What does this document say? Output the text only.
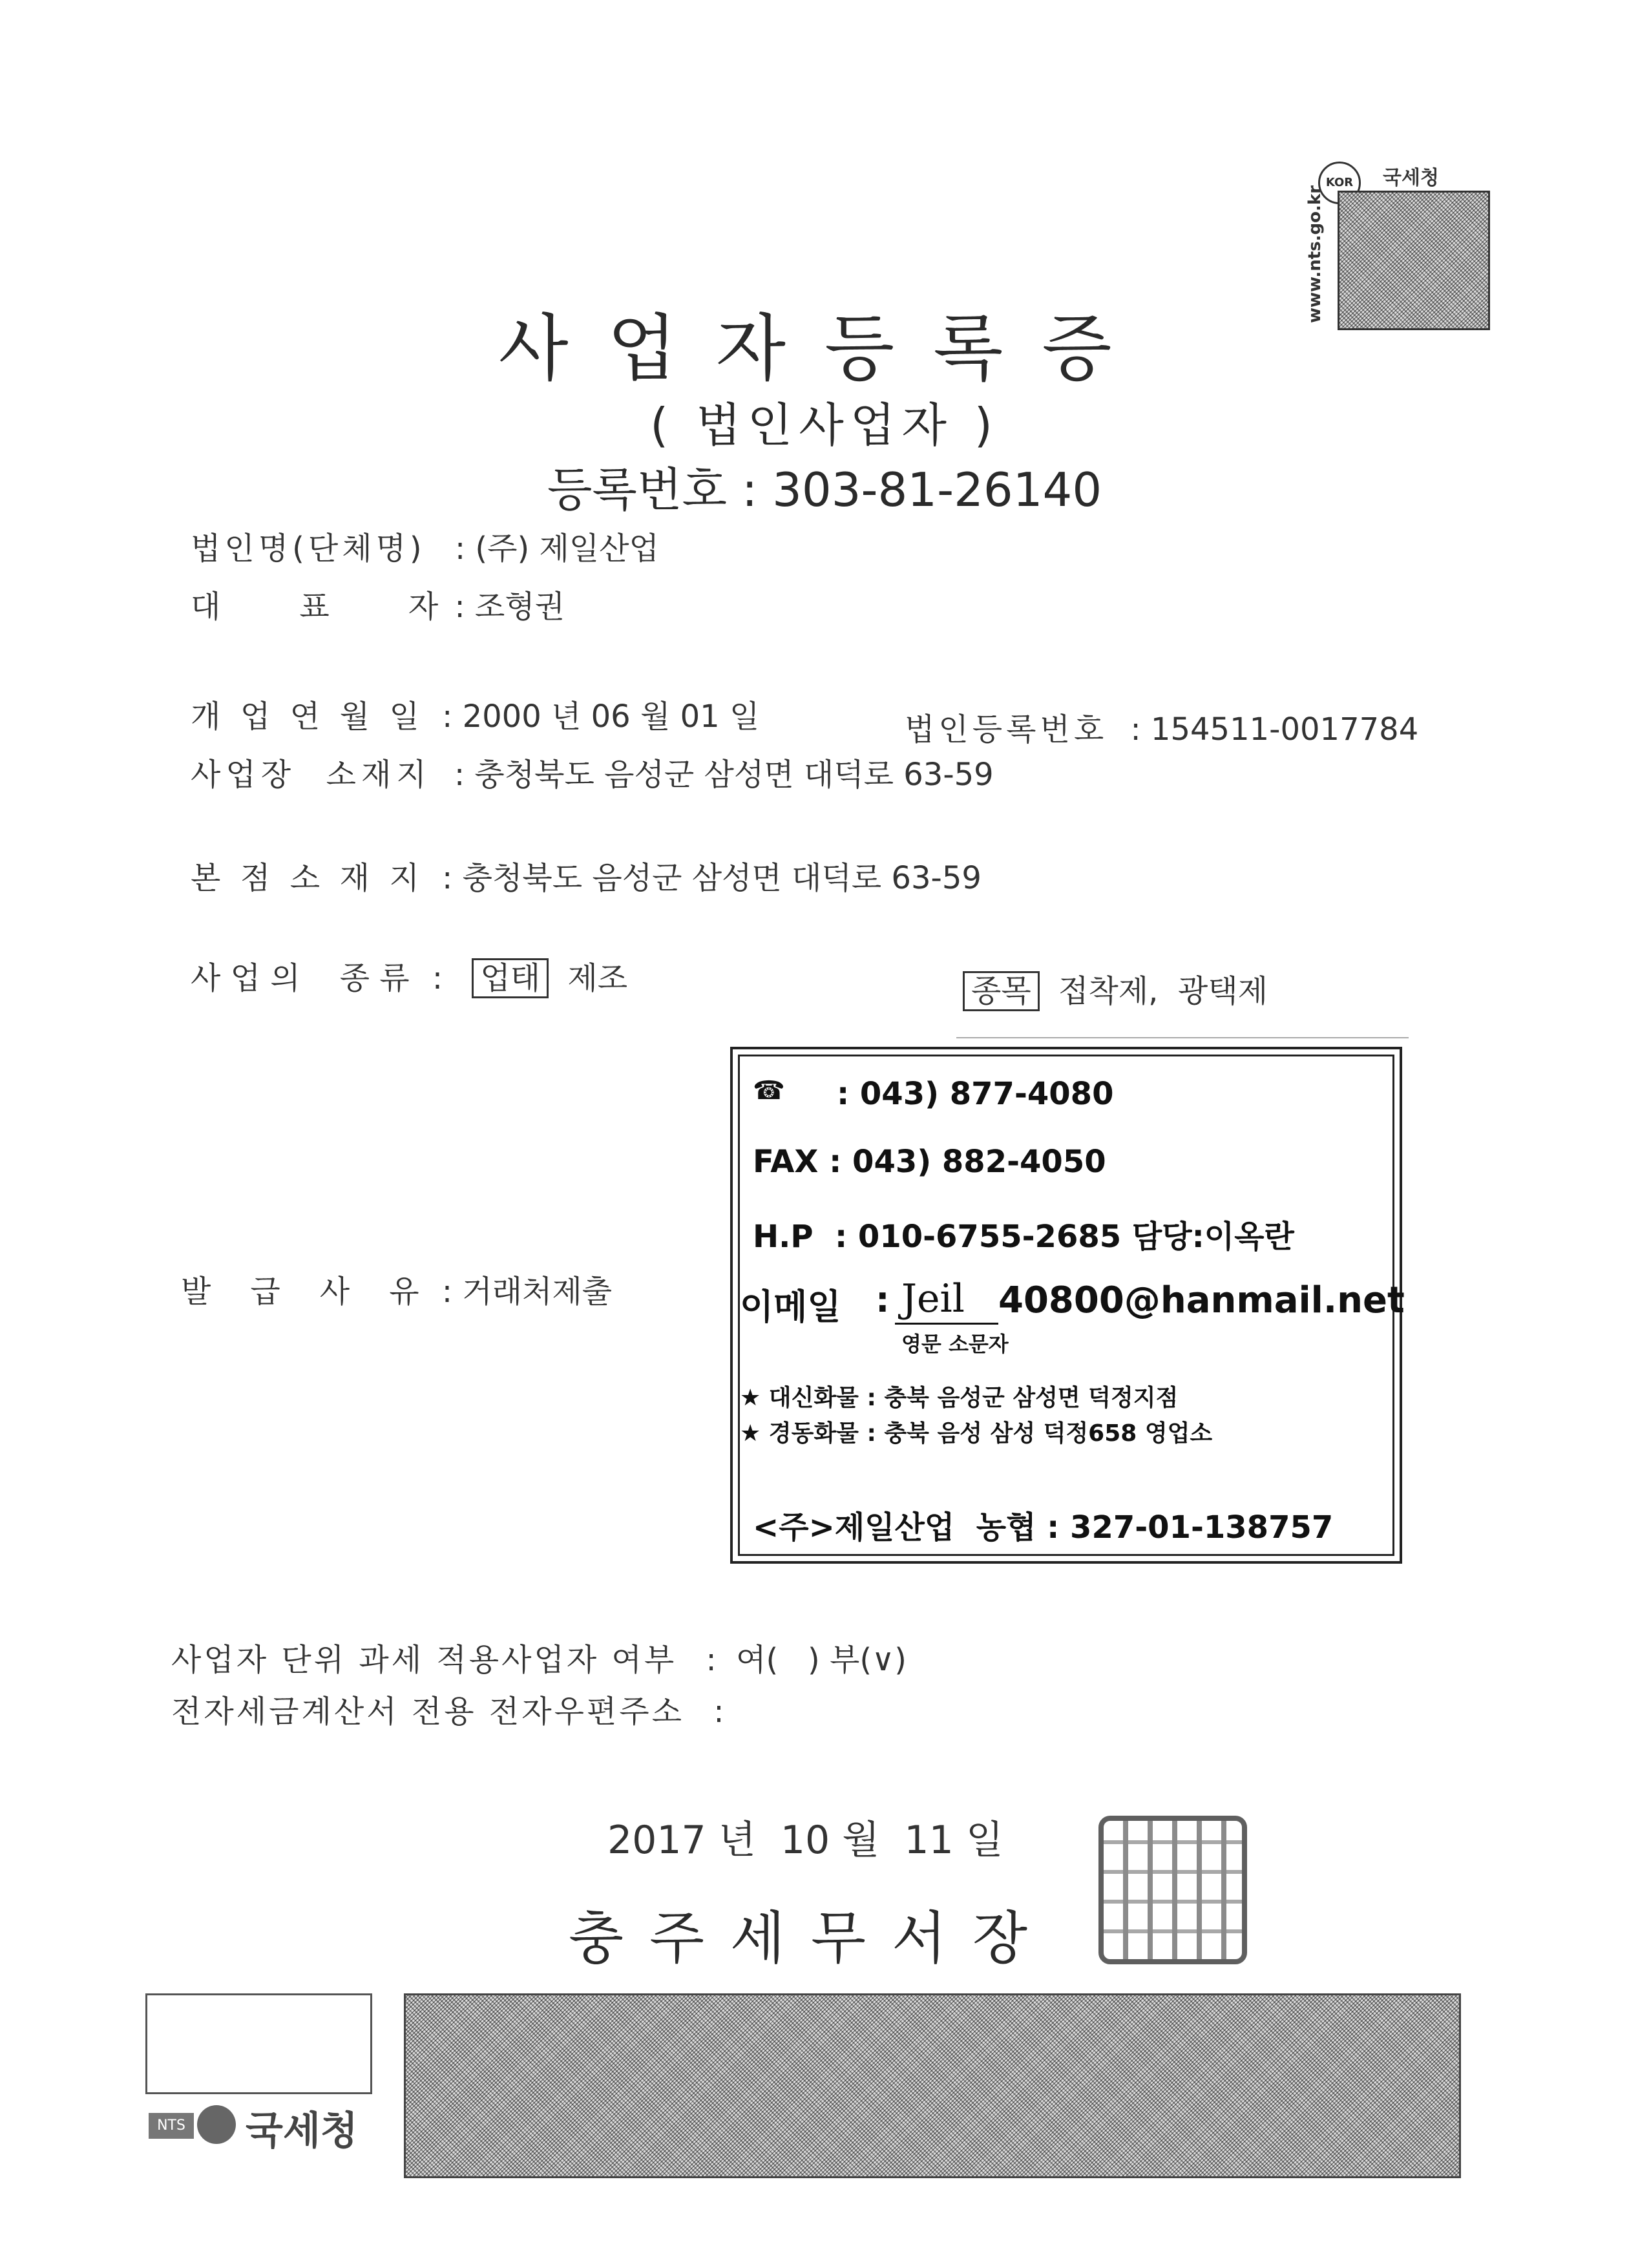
www.nts.go.kr
KOR	국세청
사업자등록증
( 법인사업자 )
등록번호 : 303-81-26140
법인명(단체명) : (주) 제일산업
대        표        자 : 조형권
개  업  연  월  일 : 2000 년 06 월 01 일	법인등록번호 : 154511-0017784
사업장  소재지 : 충청북도 음성군 삼성면 대덕로 63-59
본  점  소  재  지 : 충청북도 음성군 삼성면 대덕로 63-59
사 업 의    종 류 : 업태 제조	종목 접착제,  광택제
☎ : 043) 877-4080
FAX : 043) 882-4050
H.P  : 010-6755-2685 담당:이옥란
이메일 : Jeil 40800@hanmail.net
영문 소문자
★ 대신화물 : 충북 음성군 삼성면 덕정지점
★ 경동화물 : 충북 음성 삼성 덕정658 영업소
<주>제일산업  농협 : 327-01-138757
발    급    사    유 : 거래처제출
사업자 단위 과세 적용사업자 여부 :  여(   ) 부(∨)
전자세금계산서 전용 전자우편주소 :
2017 년  10 월  11 일
충주세무서장
NTS 국세청
